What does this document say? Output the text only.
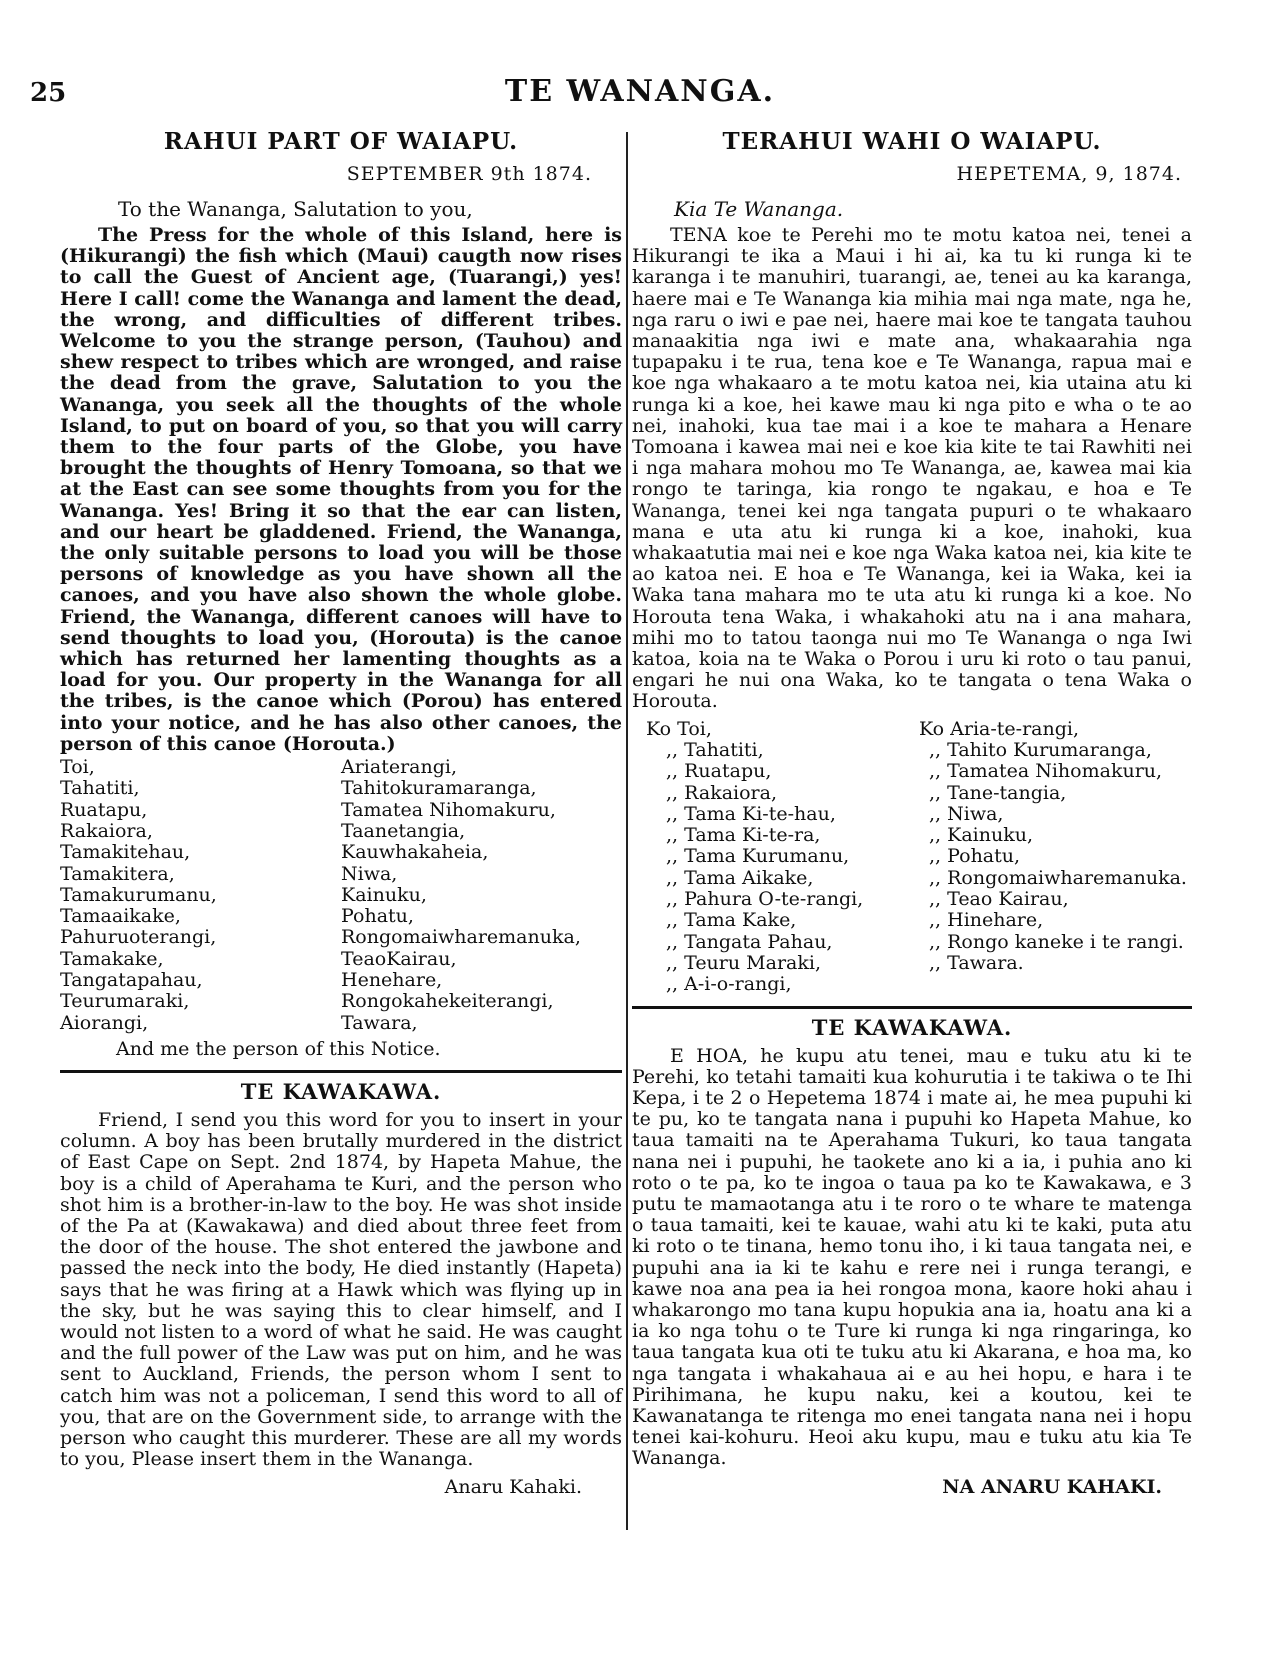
25	TE WANANGA.
RAHUI PART OF WAIAPU.
SEPTEMBER 9th 1874.
To the Wananga, Salutation to you,

The Press for the whole of this Island, here is (Hikurangi) the fish which (Maui) caugth now rises to call the Guest of Ancient age, (Tuarangi,) yes! Here I call! come the Wananga and lament the dead, the wrong, and difficulties of different tribes. Welcome to you the strange person, (Tauhou) and shew respect to tribes which are wronged, and raise the dead from the grave, Salutation to you the Wananga, you seek all the thoughts of the whole Island, to put on board of you, so that you will carry them to the four parts of the Globe, you have brought the thoughts of Henry Tomoana, so that we at the East can see some thoughts from you for the Wananga. Yes! Bring it so that the ear can listen, and our heart be gladdened. Friend, the Wananga, the only suitable persons to load you will be those persons of knowledge as you have shown all the canoes, and you have also shown the whole globe. Friend, the Wananga, different canoes will have to send thoughts to load you, (Horouta) is the canoe which has returned her lamenting thoughts as a load for you. Our property in the Wananga for all the tribes, is the canoe which (Porou) has entered into your notice, and he has also other canoes, the person of this canoe (Horouta.)

Toi,
Tahatiti,
Ruatapu,
Rakaiora,
Tamakitehau,
Tamakitera,
Tamakurumanu,
Tamaaikake,
Pahuruoterangi,
Tamakake,
Tangatapahau,
Teurumaraki,
Aiorangi,
Ariaterangi,
Tahitokuramaranga,
Tamatea Nihomakuru,
Taanetangia,
Kauwhakaheia,
Niwa,
Kainuku,
Pohatu,
Rongomaiwharemanuka,
TeaoKairau,
Henehare,
Rongokahekeiterangi,
Tawara,
And me the person of this Notice.
TE KAWAKAWA.

Friend, I send you this word for you to insert in your column. A boy has been brutally murdered in the district of East Cape on Sept. 2nd 1874, by Hapeta Mahue, the boy is a child of Aperahama te Kuri, and the person who shot him is a brother-in-law to the boy. He was shot inside of the Pa at (Kawakawa) and died about three feet from the door of the house. The shot entered the jawbone and passed the neck into the body, He died instantly (Hapeta) says that he was firing at a Hawk which was flying up in the sky, but he was saying this to clear himself, and I would not listen to a word of what he said. He was caught and the full power of the Law was put on him, and he was sent to Auckland, Friends, the person whom I sent to catch him was not a policeman, I send this word to all of you, that are on the Government side, to arrange with the person who caught this murderer. These are all my words to you, Please insert them in the Wananga.

Anaru Kahaki.
TERAHUI WAHI O WAIAPU.
HEPETEMA, 9, 1874.
Kia Te Wananga.

TENA koe te Perehi mo te motu katoa nei, tenei a Hikurangi te ika a Maui i hi ai, ka tu ki runga ki te karanga i te manuhiri, tuarangi, ae, tenei au ka karanga, haere mai e Te Wananga kia mihia mai nga mate, nga he, nga raru o iwi e pae nei, haere mai koe te tangata tauhou manaakitia nga iwi e mate ana, whakaarahia nga tupapaku i te rua, tena koe e Te Wananga, rapua mai e koe nga whakaaro a te motu katoa nei, kia utaina atu ki runga ki a koe, hei kawe mau ki nga pito e wha o te ao nei, inahoki, kua tae mai i a koe te mahara a Henare Tomoana i kawea mai nei e koe kia kite te tai Rawhiti nei i nga mahara mohou mo Te Wananga, ae, kawea mai kia rongo te taringa, kia rongo te ngakau, e hoa e Te Wananga, tenei kei nga tangata pupuri o te whakaaro mana e uta atu ki runga ki a koe, inahoki, kua whakaatutia mai nei e koe nga Waka katoa nei, kia kite te ao katoa nei. E hoa e Te Wananga, kei ia Waka, kei ia Waka tana mahara mo te uta atu ki runga ki a koe. No Horouta tena Waka, i whakahoki atu na i ana mahara, mihi mo to tatou taonga nui mo Te Wananga o nga Iwi katoa, koia na te Waka o Porou i uru ki roto o tau panui, engari he nui ona Waka, ko te tangata o tena Waka o Horouta.

Ko Toi,
,, Tahatiti,
,, Ruatapu,
,, Rakaiora,
,, Tama Ki-te-hau,
,, Tama Ki-te-ra,
,, Tama Kurumanu,
,, Tama Aikake,
,, Pahura O-te-rangi,
,, Tama Kake,
,, Tangata Pahau,
,, Teuru Maraki,
,, A-i-o-rangi,
Ko Aria-te-rangi,
,, Tahito Kurumaranga,
,, Tamatea Nihomakuru,
,, Tane-tangia,
,, Niwa,
,, Kainuku,
,, Pohatu,
,, Rongomaiwharemanuka.
,, Teao Kairau,
,, Hinehare,
,, Rongo kaneke i te rangi.
,, Tawara.
TE KAWAKAWA.

E HOA, he kupu atu tenei, mau e tuku atu ki te Perehi, ko tetahi tamaiti kua kohurutia i te takiwa o te Ihi Kepa, i te 2 o Hepetema 1874 i mate ai, he mea pupuhi ki te pu, ko te tangata nana i pupuhi ko Hapeta Mahue, ko taua tamaiti na te Aperahama Tukuri, ko taua tangata nana nei i pupuhi, he taokete ano ki a ia, i puhia ano ki roto o te pa, ko te ingoa o taua pa ko te Kawakawa, e 3 putu te mamaotanga atu i te roro o te whare te matenga o taua tamaiti, kei te kauae, wahi atu ki te kaki, puta atu ki roto o te tinana, hemo tonu iho, i ki taua tangata nei, e pupuhi ana ia ki te kahu e rere nei i runga terangi, e kawe noa ana pea ia hei rongoa mona, kaore hoki ahau i whakarongo mo tana kupu hopukia ana ia, hoatu ana ki a ia ko nga tohu o te Ture ki runga ki nga ringaringa, ko taua tangata kua oti te tuku atu ki Akarana, e hoa ma, ko nga tangata i whakahaua ai e au hei hopu, e hara i te Pirihimana, he kupu naku, kei a koutou, kei te Kawanatanga te ritenga mo enei tangata nana nei i hopu tenei kai-kohuru. Heoi aku kupu, mau e tuku atu kia Te Wananga.

NA ANARU KAHAKI.
